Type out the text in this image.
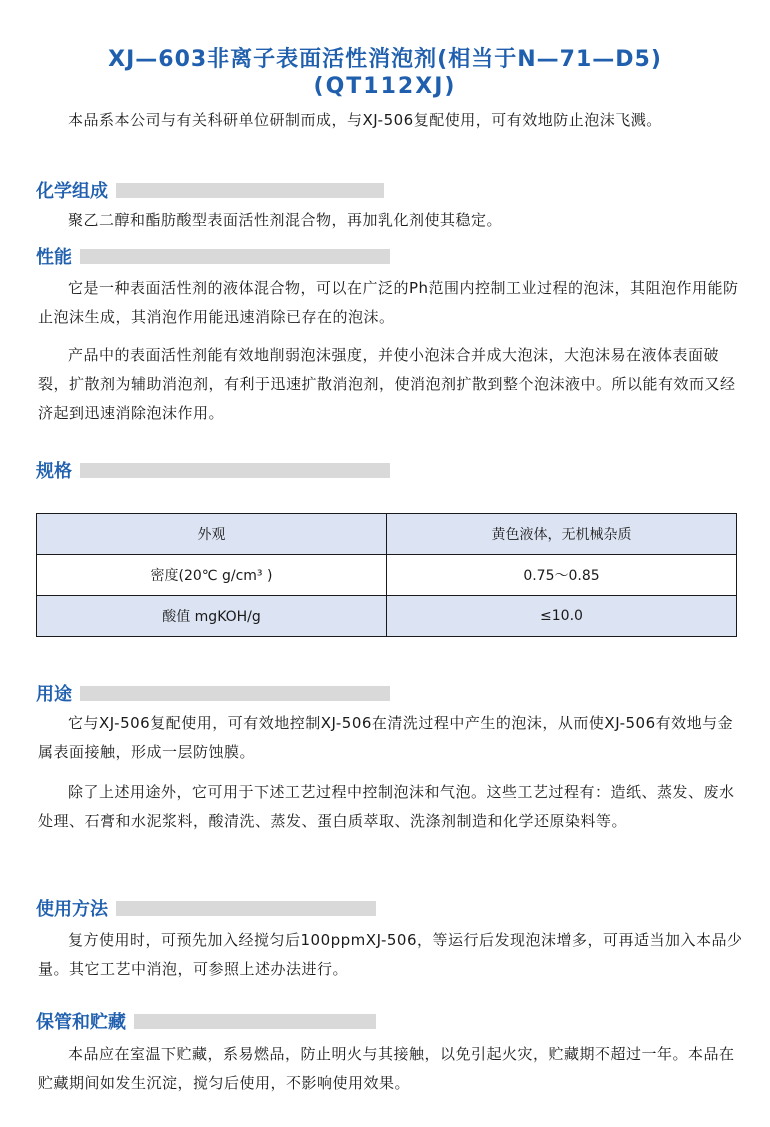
XJ—603非离子表面活性消泡剂(相当于N—71—D5)
(QT112XJ)

本品系本公司与有关科研单位研制而成，与XJ-506复配使用，可有效地防止泡沫飞溅。

化学组成

聚乙二醇和酯肪酸型表面活性剂混合物，再加乳化剂使其稳定。

性能

它是一种表面活性剂的液体混合物，可以在广泛的Ph范围内控制工业过程的泡沫，其阻泡作用能防止泡沫生成，其消泡作用能迅速消除已存在的泡沫。

产品中的表面活性剂能有效地削弱泡沫强度，并使小泡沫合并成大泡沫，大泡沫易在液体表面破裂，扩散剂为辅助消泡剂，有利于迅速扩散消泡剂，使消泡剂扩散到整个泡沫液中。所以能有效而又经济起到迅速消除泡沫作用。

规格
外观	黄色液体，无机械杂质
密度(20℃ g/cm³ )	0.75～0.85
酸值 mgKOH/g	≤10.0
用途

它与XJ-506复配使用，可有效地控制XJ-506在清洗过程中产生的泡沫，从而使XJ-506有效地与金属表面接触，形成一层防蚀膜。

除了上述用途外，它可用于下述工艺过程中控制泡沫和气泡。这些工艺过程有：造纸、蒸发、废水处理、石膏和水泥浆料，酸清洗、蒸发、蛋白质萃取、洗涤剂制造和化学还原染料等。

使用方法

复方使用时，可预先加入经搅匀后100ppmXJ-506，等运行后发现泡沫增多，可再适当加入本品少量。其它工艺中消泡，可参照上述办法进行。

保管和贮藏

本品应在室温下贮藏，系易燃品，防止明火与其接触，以免引起火灾，贮藏期不超过一年。本品在贮藏期间如发生沉淀，搅匀后使用，不影响使用效果。
